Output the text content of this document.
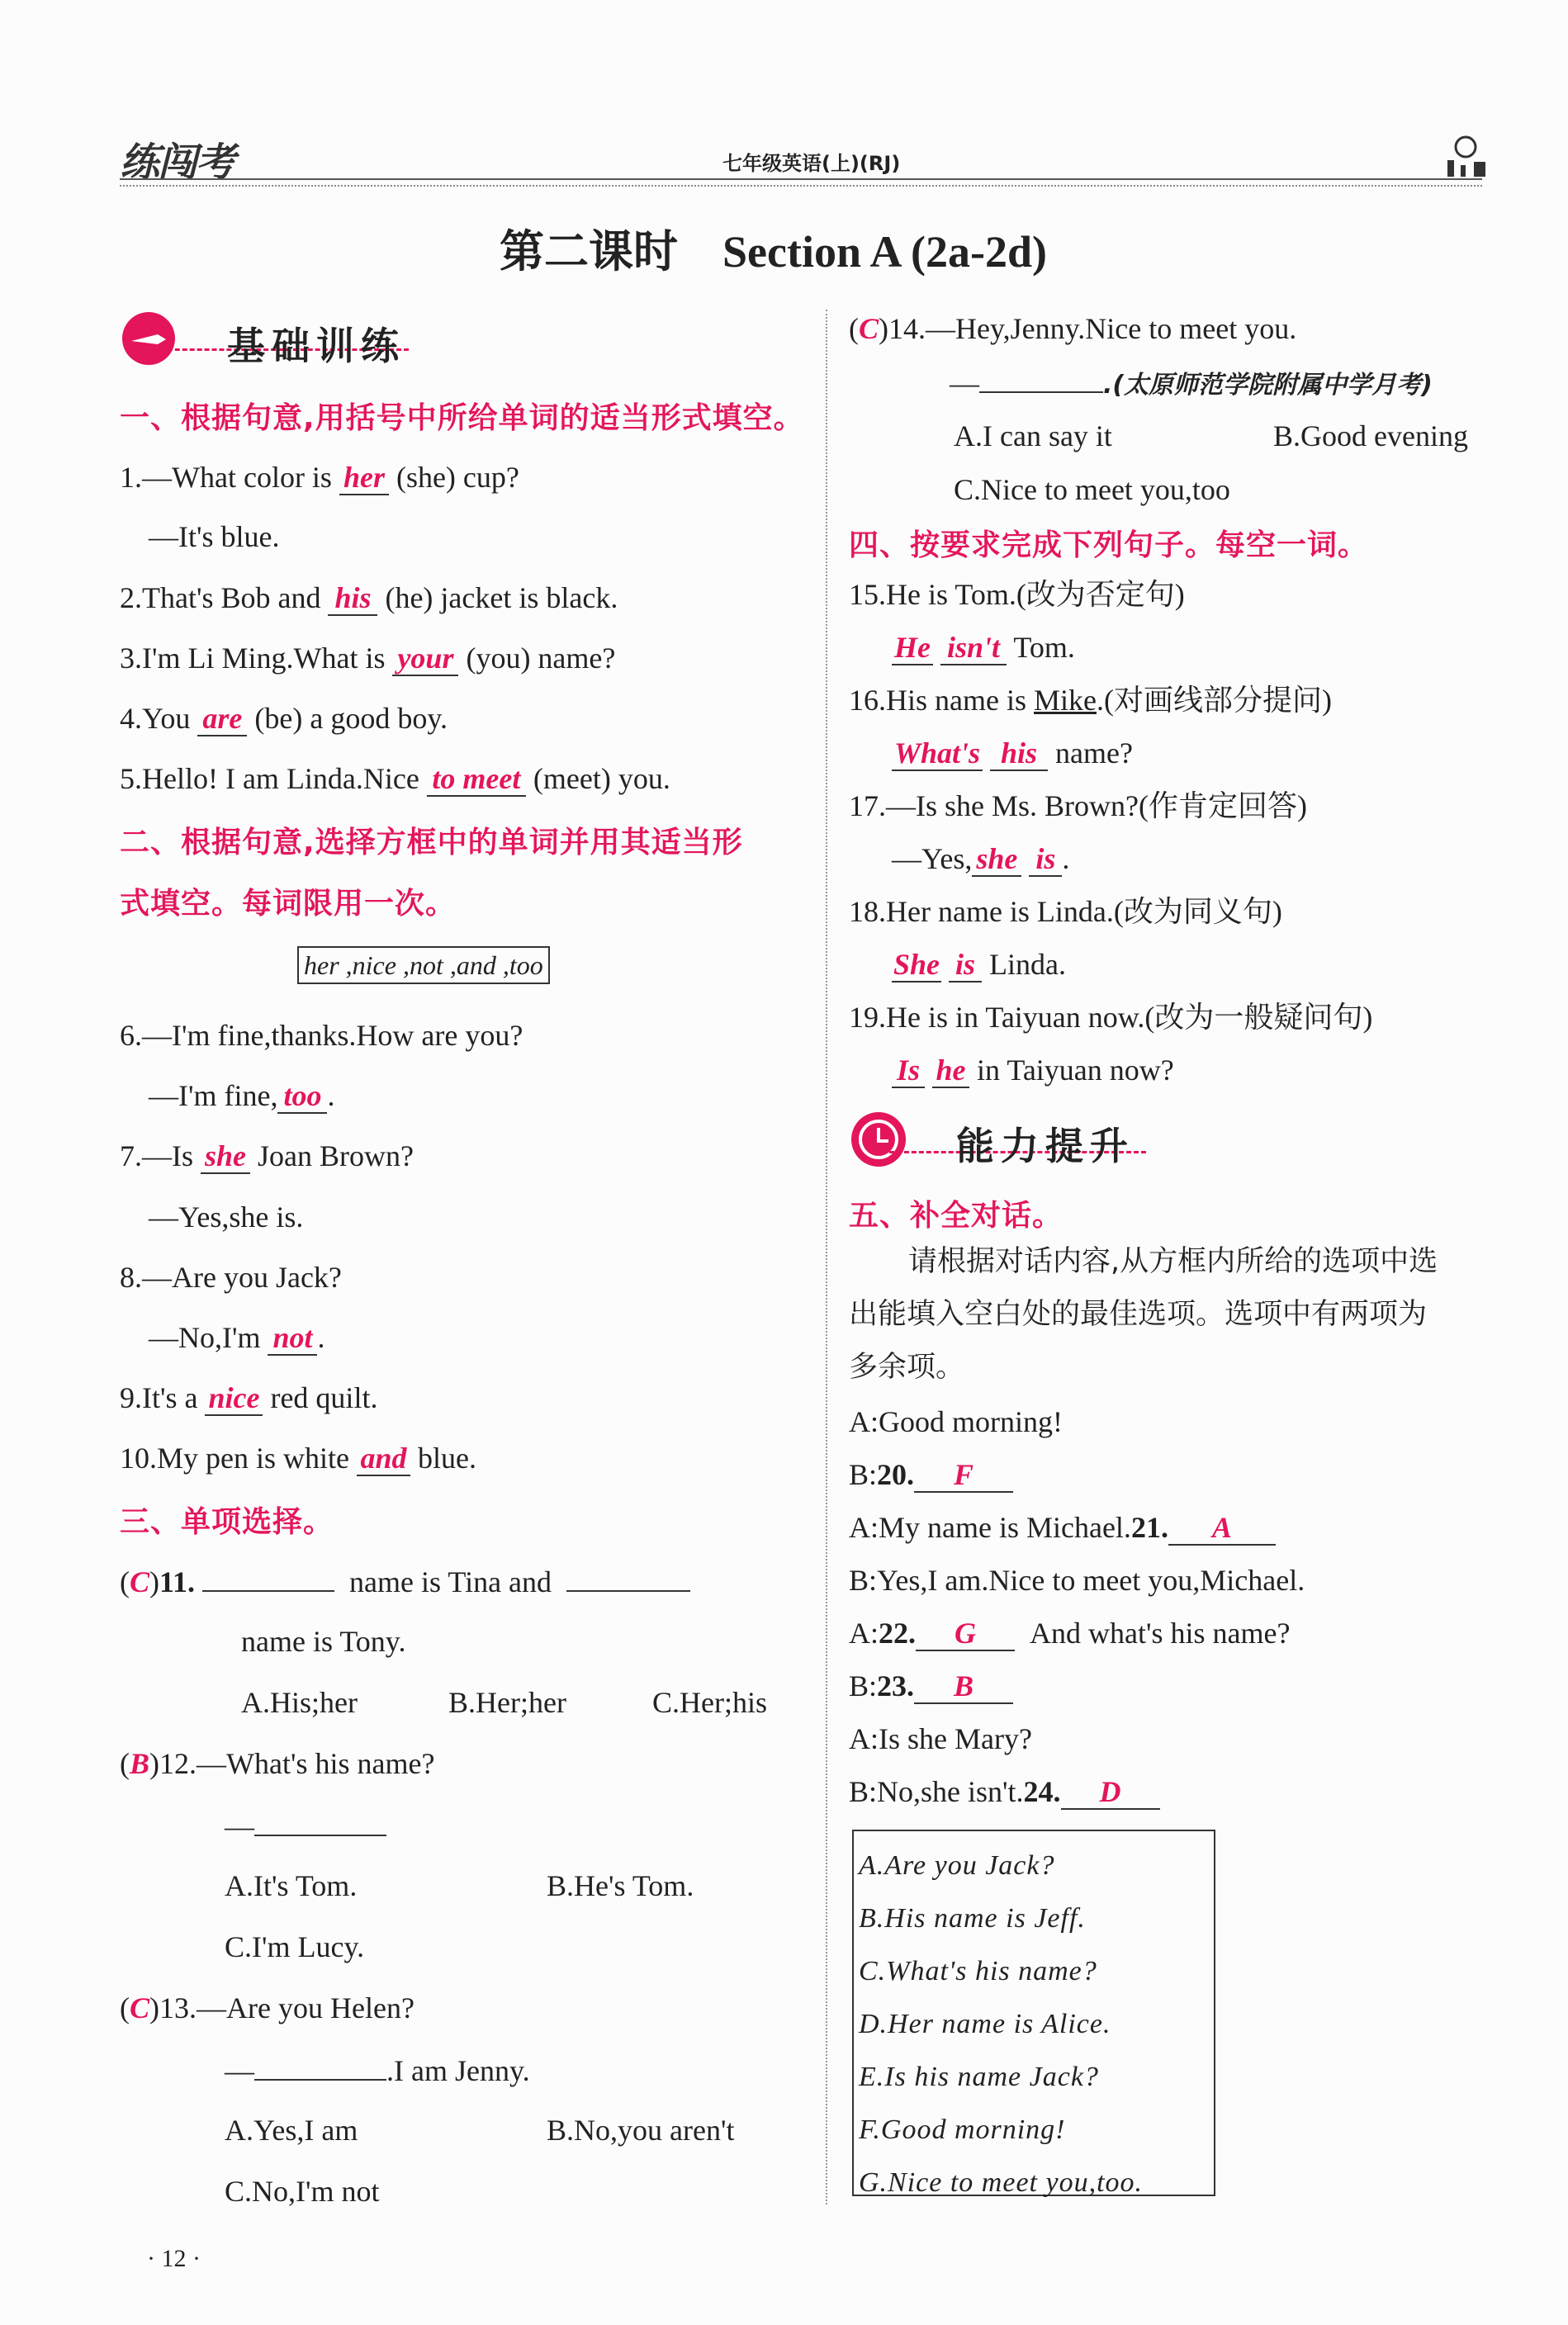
练闯考	七年级英语(上)(RJ)
第二课时　Section A (2a-2d)
基础训练
一、根据句意,用括号中所给单词的适当形式填空。
1.—What color is her (she) cup?
—It's blue.
2.That's Bob and his (he) jacket is black.
3.I'm Li Ming.What is your (you) name?
4.You are (be) a good boy.
5.Hello! I am Linda.Nice to meet (meet) you.
二、根据句意,选择方框中的单词并用其适当形
式填空。每词限用一次。
her ,nice ,not ,and ,too
6.—I'm fine,thanks.How are you?
—I'm fine, too .
7.—Is she Joan Brown?
—Yes,she is.
8.—Are you Jack?
—No,I'm not .
9.It's a nice red quilt.
10.My pen is white and blue.
三、单项选择。
(C)11.	name is Tina and
name is Tony.
A.His;her	B.Her;her	C.Her;his
(B)12.—What's his name?
—
A.It's Tom.	B.He's Tom.
C.I'm Lucy.
(C)13.—Are you Helen?
—	.I am Jenny.
A.Yes,I am	B.No,you aren't
C.No,I'm not
· 12 ·
(C)14.—Hey,Jenny.Nice to meet you.
—	.(太原师范学院附属中学月考)
A.I can say it	B.Good evening
C.Nice to meet you,too
四、按要求完成下列句子。每空一词。
15.He is Tom.(改为否定句)
He isn't Tom.
16.His name is Mike.(对画线部分提问)
What's his name?
17.—Is she Ms. Brown?(作肯定回答)
—Yes, she is .
18.Her name is Linda.(改为同义句)
She is Linda.
19.He is in Taiyuan now.(改为一般疑问句)
Is he in Taiyuan now?
能力提升
五、补全对话。
请根据对话内容,从方框内所给的选项中选
出能填入空白处的最佳选项。选项中有两项为
多余项。
A:Good morning!
B:20. F
A:My name is Michael.21. A
B:Yes,I am.Nice to meet you,Michael.
A:22. G And what's his name?
B:23. B
A:Is she Mary?
B:No,she isn't.24. D
A.Are you Jack?
B.His name is Jeff.
C.What's his name?
D.Her name is Alice.
E.Is his name Jack?
F.Good morning!
G.Nice to meet you,too.
